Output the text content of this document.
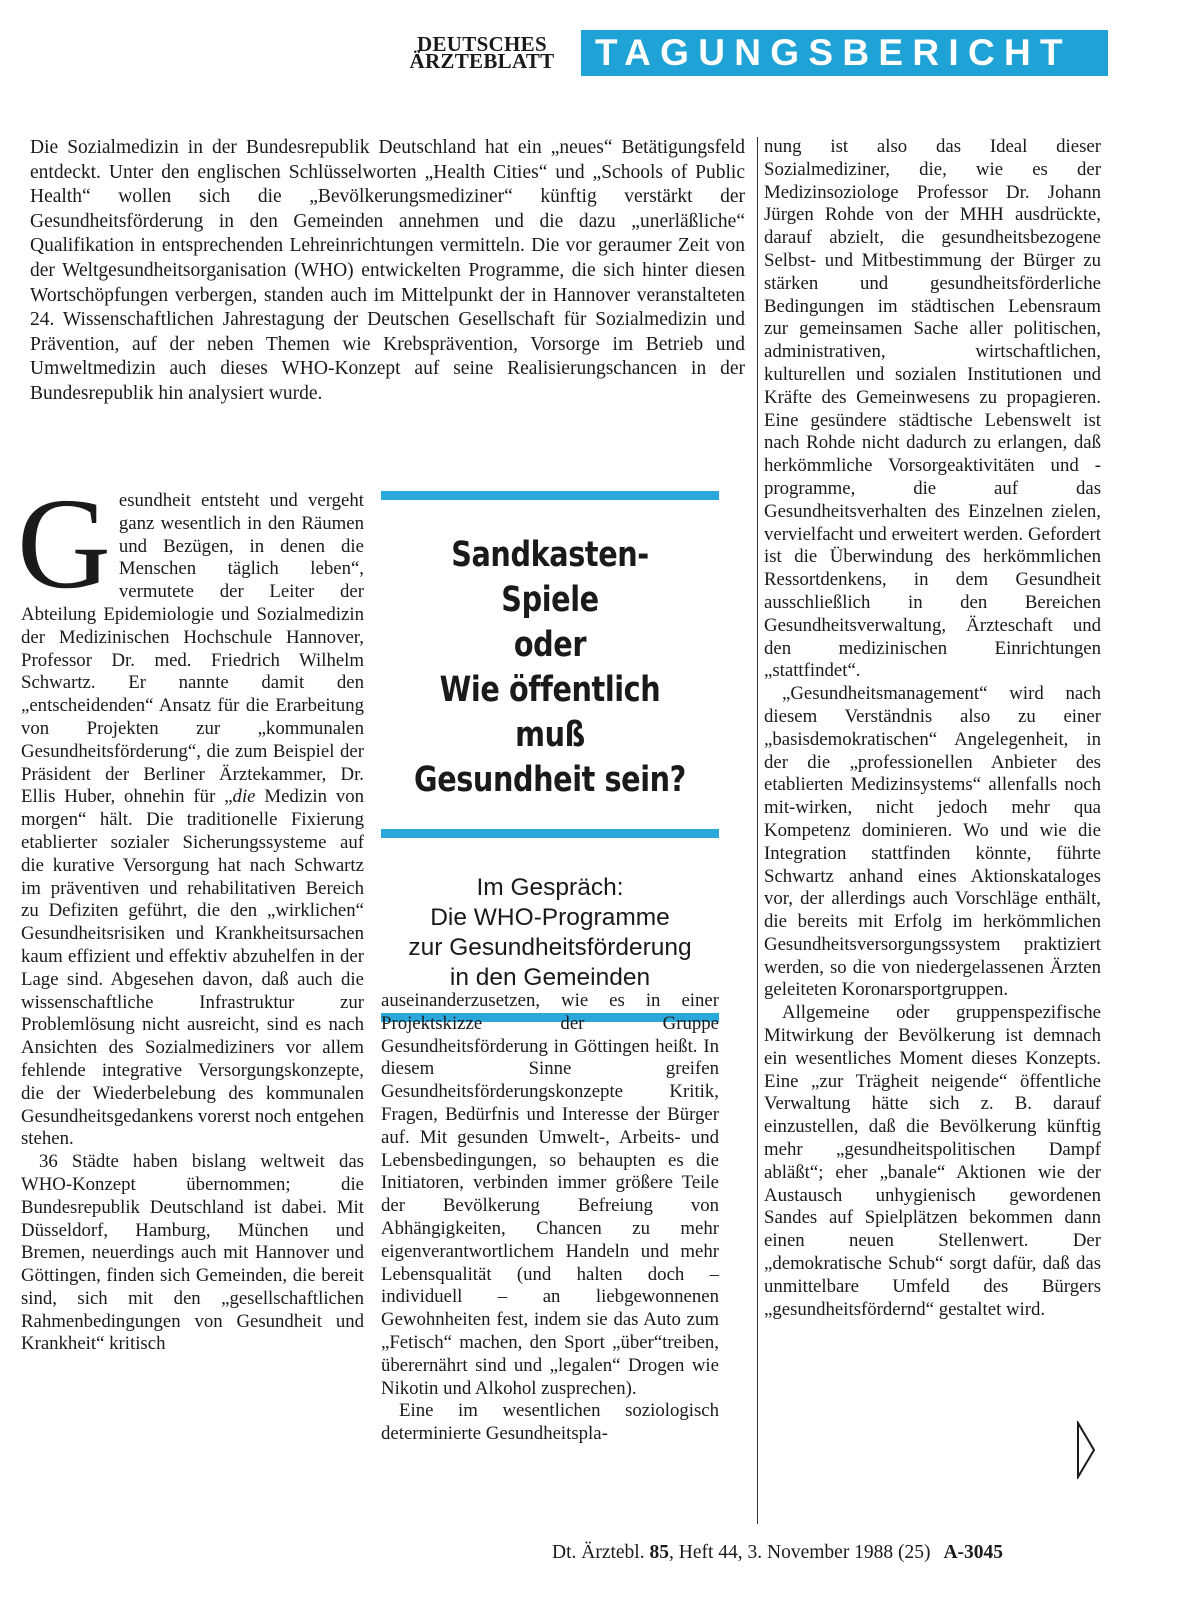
DEUTSCHES
ÄRZTEBLATT TAGUNGSBERICHT

Die Sozialmedizin in der Bundesrepublik Deutschland hat ein „neues“ Betätigungsfeld entdeckt. Unter den englischen Schlüsselworten „Health Cities“ und „Schools of Public Health“ wollen sich die „Bevölkerungsmediziner“ künftig verstärkt der Gesundheitsförderung in den Gemeinden annehmen und die dazu „unerläßliche“ Qualifikation in entsprechenden Lehreinrichtungen vermitteln. Die vor geraumer Zeit von der Weltgesundheitsorganisation (WHO) entwickelten Programme, die sich hinter diesen Wortschöpfungen verbergen, standen auch im Mittelpunkt der in Hannover veranstalteten 24. Wissenschaftlichen Jahrestagung der Deutschen Gesellschaft für Sozialmedizin und Prävention, auf der neben Themen wie Krebsprävention, Vorsorge im Betrieb und Umweltmedizin auch dieses WHO-Konzept auf seine Realisierungschancen in der Bundesrepublik hin analysiert wurde.

Gesundheit entsteht und vergeht ganz wesentlich in den Räumen und Bezügen, in denen die Menschen täglich leben“, vermutete der Leiter der Abteilung Epidemiologie und Sozialmedizin der Medizinischen Hochschule Hannover, Professor Dr. med. Friedrich Wilhelm Schwartz. Er nannte damit den „entscheidenden“ Ansatz für die Erarbeitung von Projekten zur „kommunalen Gesundheitsförderung“, die zum Beispiel der Präsident der Berliner Ärztekammer, Dr. Ellis Huber, ohnehin für „die Medizin von morgen“ hält. Die traditionelle Fixierung etablierter sozialer Sicherungssysteme auf die kurative Versorgung hat nach Schwartz im präventiven und rehabilitativen Bereich zu Defiziten geführt, die den „wirklichen“ Gesundheitsrisiken und Krankheitsursachen kaum effizient und effektiv abzuhelfen in der Lage sind. Abgesehen davon, daß auch die wissenschaftliche Infrastruktur zur Problemlösung nicht ausreicht, sind es nach Ansichten des Sozialmediziners vor allem fehlende integrative Versorgungskonzepte, die der Wiederbelebung des kommunalen Gesundheitsgedankens vorerst noch entgehen stehen.

36 Städte haben bislang weltweit das WHO-Konzept übernommen; die Bundesrepublik Deutschland ist dabei. Mit Düsseldorf, Hamburg, München und Bremen, neuerdings auch mit Hannover und Göttingen, finden sich Gemeinden, die bereit sind, sich mit den „gesellschaftlichen Rahmenbedingungen von Gesundheit und Krankheit“ kritisch

Sandkasten-Spiele
oder
Wie öffentlich
muß
Gesundheit sein?
Im Gespräch:
Die WHO-Programme
zur Gesundheitsförderung
in den Gemeinden

auseinanderzusetzen, wie es in einer Projektskizze der Gruppe Gesundheitsförderung in Göttingen heißt. In diesem Sinne greifen Gesundheitsförderungskonzepte Kritik, Fragen, Bedürfnis und Interesse der Bürger auf. Mit gesunden Umwelt-, Arbeits- und Lebensbedingungen, so behaupten es die Initiatoren, verbinden immer größere Teile der Bevölkerung Befreiung von Abhängigkeiten, Chancen zu mehr eigenverantwortlichem Handeln und mehr Lebensqualität (und halten doch – individuell – an liebgewonnenen Gewohnheiten fest, indem sie das Auto zum „Fetisch“ machen, den Sport „über“treiben, überernährt sind und „legalen“ Drogen wie Nikotin und Alkohol zusprechen).

Eine im wesentlichen soziologisch determinierte Gesundheitspla-

nung ist also das Ideal dieser Sozialmediziner, die, wie es der Medizinsoziologe Professor Dr. Johann Jürgen Rohde von der MHH ausdrückte, darauf abzielt, die gesundheitsbezogene Selbst- und Mitbestimmung der Bürger zu stärken und gesundheitsförderliche Bedingungen im städtischen Lebensraum zur gemeinsamen Sache aller politischen, administrativen, wirtschaftlichen, kulturellen und sozialen Institutionen und Kräfte des Gemeinwesens zu propagieren. Eine gesündere städtische Lebenswelt ist nach Rohde nicht dadurch zu erlangen, daß herkömmliche Vorsorgeaktivitäten und -programme, die auf das Gesundheitsverhalten des Einzelnen zielen, vervielfacht und erweitert werden. Gefordert ist die Überwindung des herkömmlichen Ressortdenkens, in dem Gesundheit ausschließlich in den Bereichen Gesundheitsverwaltung, Ärzteschaft und den medizinischen Einrichtungen „stattfindet“.

„Gesundheitsmanagement“ wird nach diesem Verständnis also zu einer „basisdemokratischen“ Angelegenheit, in der die „professionellen Anbieter des etablierten Medizinsystems“ allenfalls noch mit-wirken, nicht jedoch mehr qua Kompetenz dominieren. Wo und wie die Integration stattfinden könnte, führte Schwartz anhand eines Aktionskataloges vor, der allerdings auch Vorschläge enthält, die bereits mit Erfolg im herkömmlichen Gesundheitsversorgungssystem praktiziert werden, so die von niedergelassenen Ärzten geleiteten Koronarsportgruppen.

Allgemeine oder gruppenspezifische Mitwirkung der Bevölkerung ist demnach ein wesentliches Moment dieses Konzepts. Eine „zur Trägheit neigende“ öffentliche Verwaltung hätte sich z. B. darauf einzustellen, daß die Bevölkerung künftig mehr „gesundheitspolitischen Dampf abläßt“; eher „banale“ Aktionen wie der Austausch unhygienisch gewordenen Sandes auf Spielplätzen bekommen dann einen neuen Stellenwert. Der „demokratische Schub“ sorgt dafür, daß das unmittelbare Umfeld des Bürgers „gesundheitsfördernd“ gestaltet wird.

Dt. Ärztebl. 85, Heft 44, 3. November 1988 (25) A-3045
